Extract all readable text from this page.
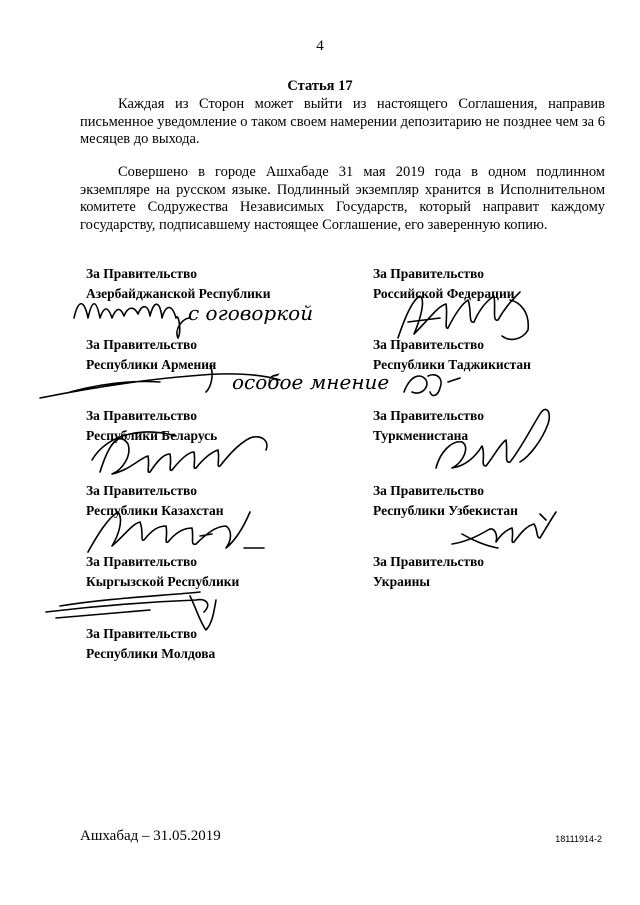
4
Статья 17
Каждая из Сторон может выйти из настоящего Соглашения, направив письменное уведомление о таком своем намерении депозитарию не позднее чем за 6 месяцев до выхода.
Совершено в городе Ашхабаде 31 мая 2019 года в одном подлинном экземпляре на русском языке. Подлинный экземпляр хранится в Исполнительном комитете Содружества Независимых Государств, который направит каждому государству, подписавшему настоящее Соглашение, его заверенную копию.
За Правительство
Азербайджанской Республики
За Правительство
Российской Федерации
За Правительство
Республики Армения
За Правительство
Республики Таджикистан
За Правительство
Республики Беларусь
За Правительство
Туркменистана
За Правительство
Республики Казахстан
За Правительство
Республики Узбекистан
За Правительство
Кыргызской Республики
За Правительство
Украины
За Правительство
Республики Молдова
с оговоркой
особое мнение
Ашхабад – 31.05.2019	18111914-2
